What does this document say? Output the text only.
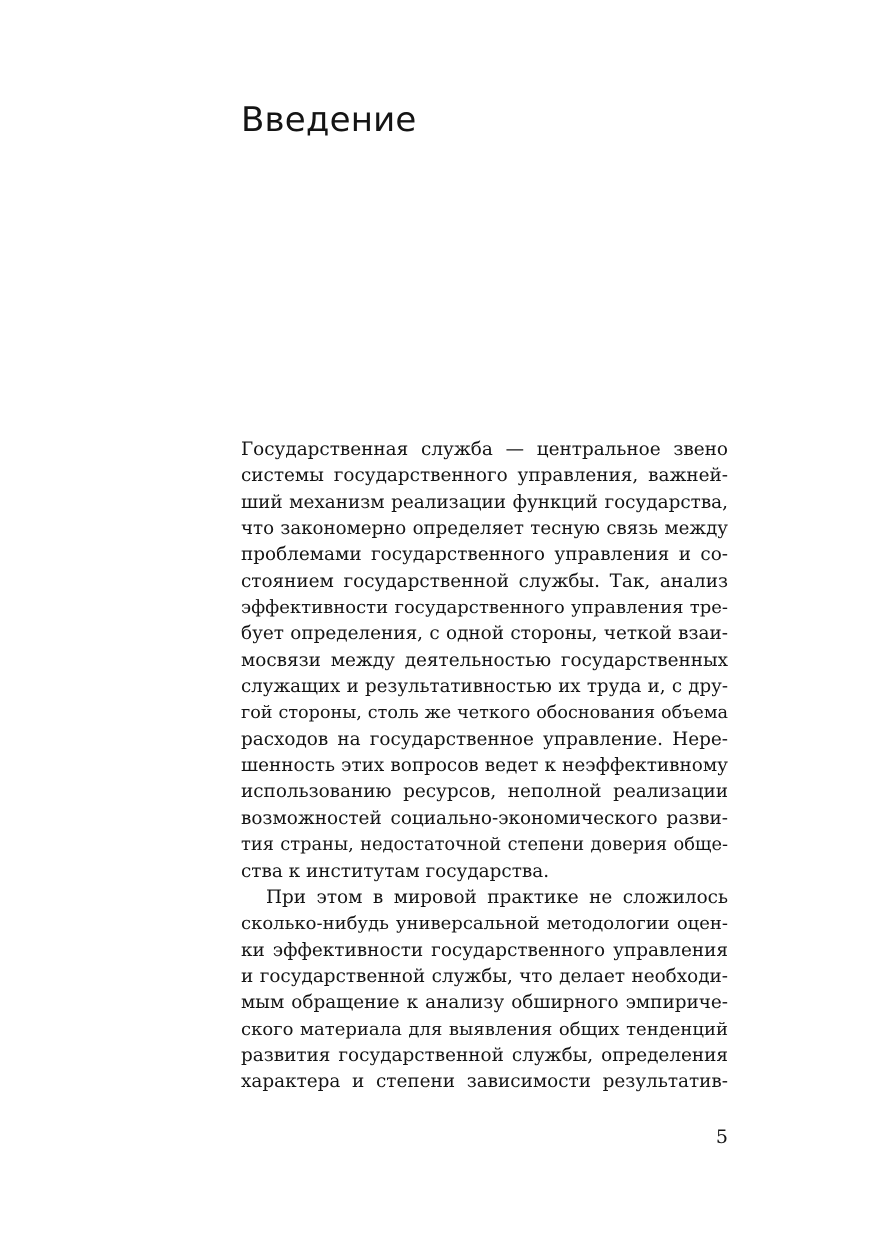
Введение
Государственная служба — центральное звено
системы государственного управления, важней-
ший механизм реализации функций государства,
что закономерно определяет тесную связь между
проблемами государственного управления и со-
стоянием государственной службы. Так, анализ
эффективности государственного управления тре-
бует определения, с одной стороны, четкой взаи-
мосвязи между деятельностью государственных
служащих и результативностью их труда и, с дру-
гой стороны, столь же четкого обоснования объема
расходов на государственное управление. Нере-
шенность этих вопросов ведет к неэффективному
использованию ресурсов, неполной реализации
возможностей социально-экономического разви-
тия страны, недостаточной степени доверия обще-
ства к институтам государства.
При этом в мировой практике не сложилось
сколько-нибудь универсальной методологии оцен-
ки эффективности государственного управления
и государственной службы, что делает необходи-
мым обращение к анализу обширного эмпириче-
ского материала для выявления общих тенденций
развития государственной службы, определения
характера и степени зависимости результатив-
5
